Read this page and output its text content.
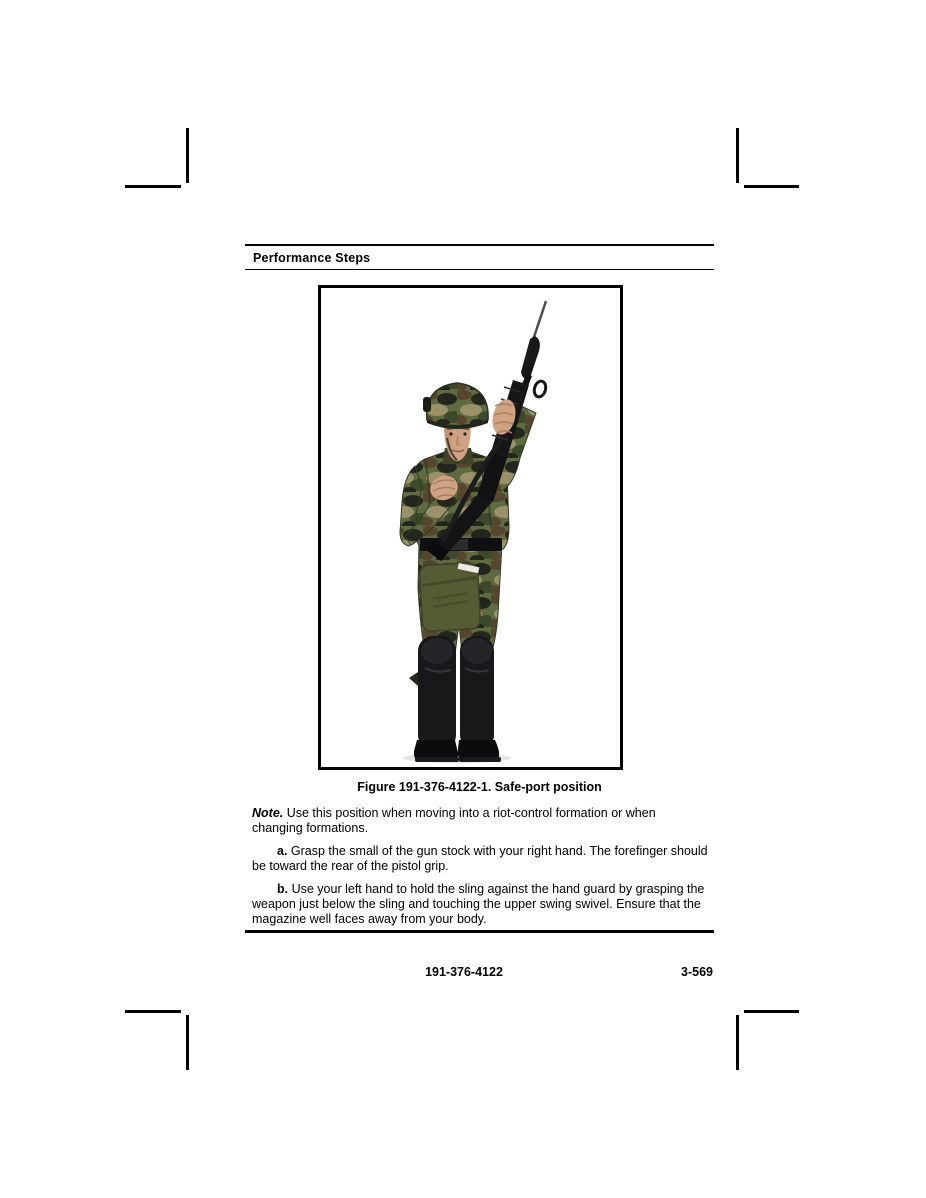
Performance Steps
Figure 191-376-4122-1. Safe-port position
Note. Use this position when moving into a riot-control formation or when changing formations.
a. Grasp the small of the gun stock with your right hand. The forefinger should be toward the rear of the pistol grip.
b. Use your left hand to hold the sling against the hand guard by grasping the weapon just below the sling and touching the upper swing swivel. Ensure that the magazine well faces away from your body.
191-376-4122	3-569
